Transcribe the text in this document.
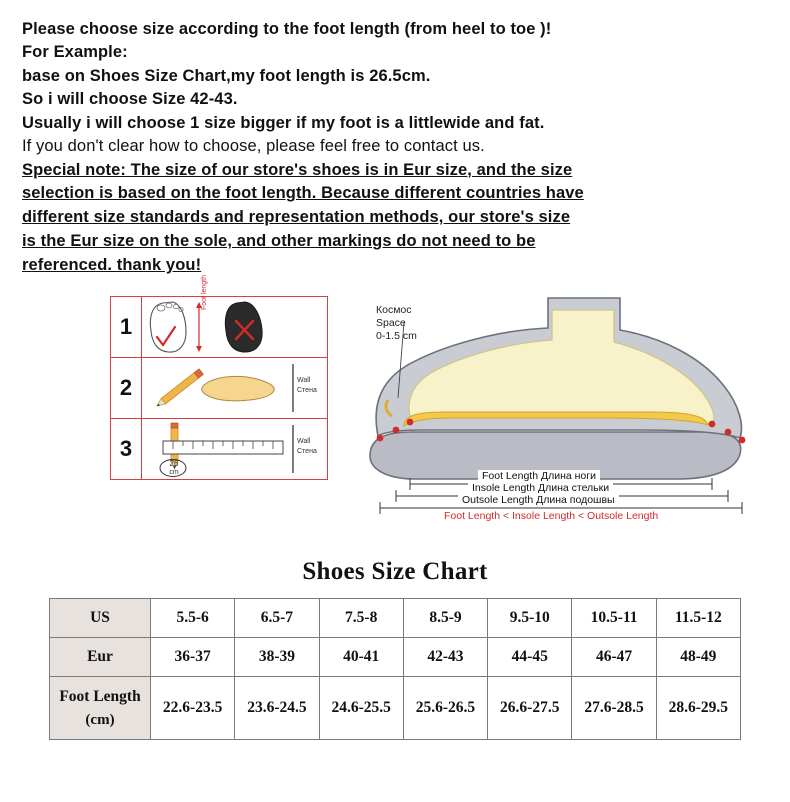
Please choose size according to the foot length (from heel to toe )!
For Example:
base on Shoes Size Chart,my foot length is 26.5cm.
So i will choose Size 42-43.
Usually i will choose 1 size bigger if my foot is a littlewide and fat.
If you don't clear how to choose, please feel free to contact us.
Special note: The size of our store's shoes is in Eur size, and the size
selection is based on the foot length. Because different countries have
different size standards and representation methods, our store's size
is the Eur size on the sole, and other markings do not need to be
referenced. thank you!
1
Foot length
2	Wall
Стена
3
26
cm
Wall
Стена
Космос
Space
0-1.5 cm
Foot Length Длина ноги
Insole Length Длина стельки
Outsole Length Длина подошвы
Foot Length < Insole Length < Outsole Length
Shoes Size Chart
US	5.5-6	6.5-7	7.5-8	8.5-9	9.5-10	10.5-11	11.5-12
Eur	36-37	38-39	40-41	42-43	44-45	46-47	48-49

Foot Length
(cm)	22.6-23.5	23.6-24.5	24.6-25.5	25.6-26.5	26.6-27.5	27.6-28.5	28.6-29.5
